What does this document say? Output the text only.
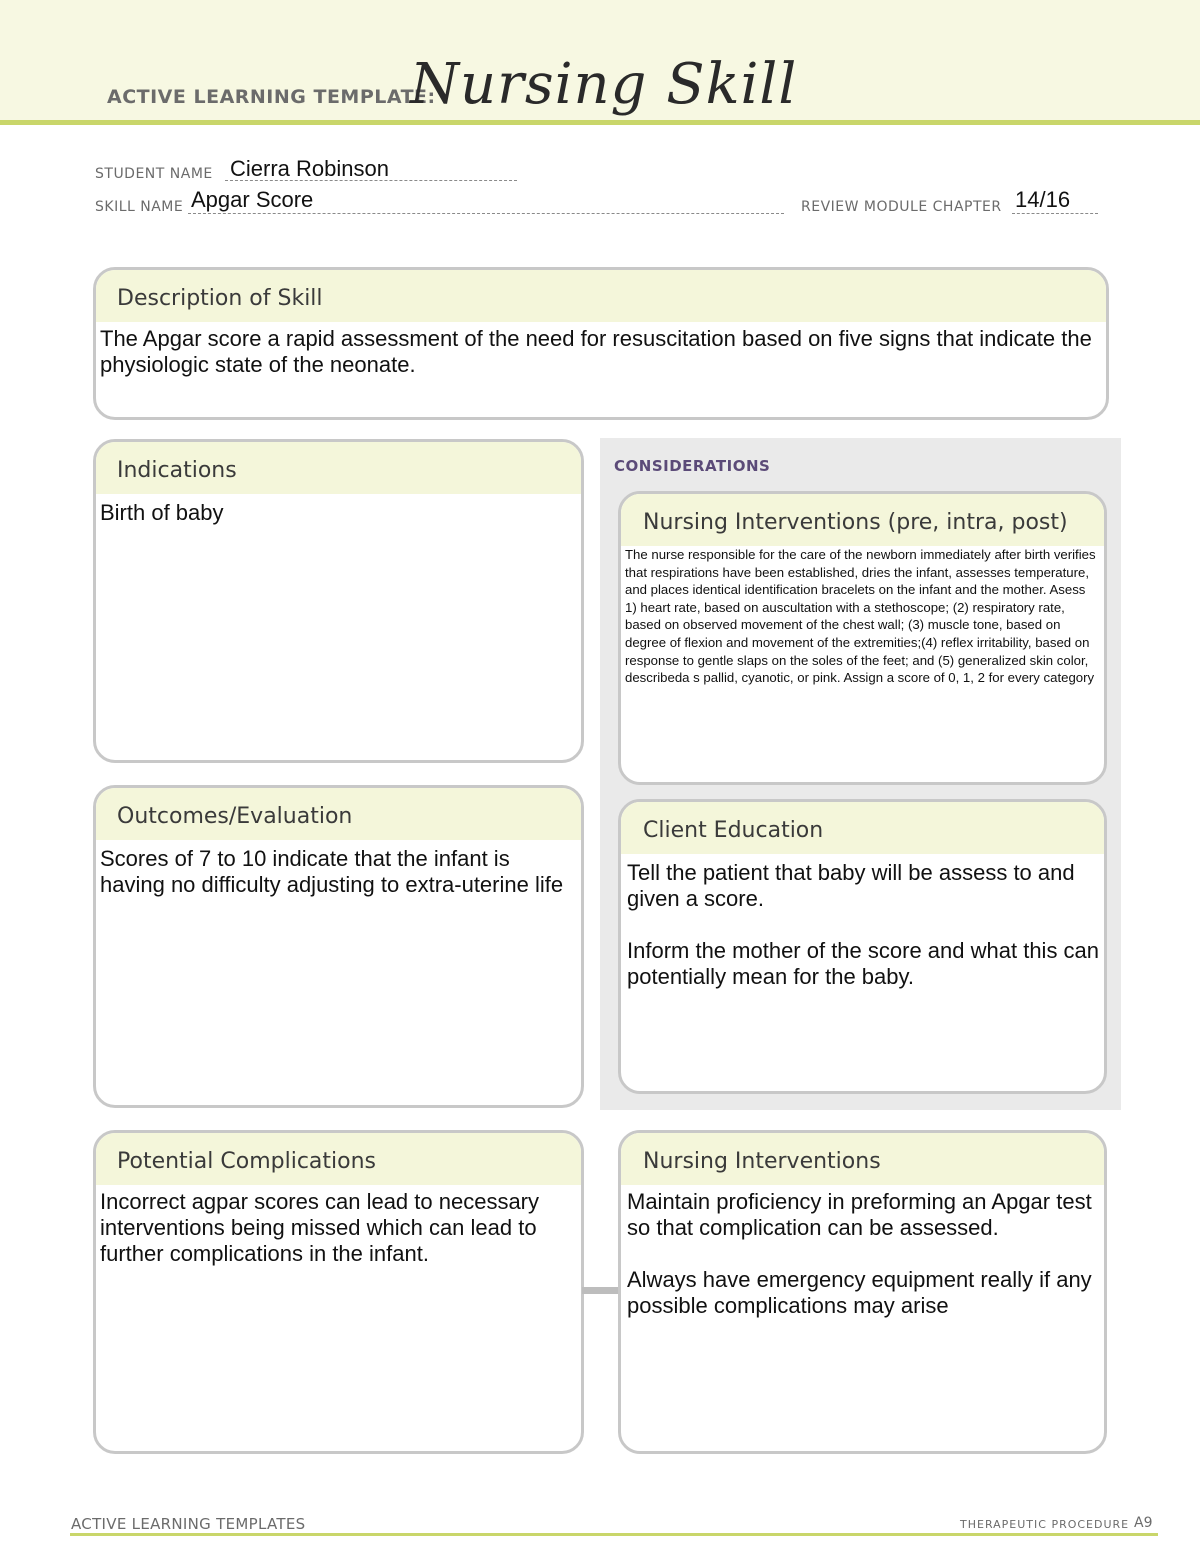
ACTIVE LEARNING TEMPLATE:
Nursing Skill
STUDENT NAME Cierra Robinson
SKILL NAME Apgar Score	REVIEW MODULE CHAPTER 14/16
Description of Skill
The Apgar score a rapid assessment of the need for resuscitation based on five signs that indicate the physiologic state of the neonate.
Indications
Birth of baby
CONSIDERATIONS
Nursing Interventions (pre, intra, post)
The nurse responsible for the care of the newborn immediately after birth verifies that respirations have been established, dries the infant, assesses temperature, and places identical identification bracelets on the infant and the mother. Asess 1) heart rate, based on auscultation with a stethoscope; (2) respiratory rate, based on observed movement of the chest wall; (3) muscle tone, based on degree of flexion and movement of the extremities;(4) reflex irritability, based on response to gentle slaps on the soles of the feet; and (5) generalized skin color, describeda s pallid, cyanotic, or pink. Assign a score of 0, 1, 2 for every category
Outcomes/Evaluation
Scores of 7 to 10 indicate that the infant is having no difficulty adjusting to extra-uterine life
Client Education
Tell the patient that baby will be assess to and given a score.

Inform the mother of the score and what this can potentially mean for the baby.
Potential Complications
Incorrect agpar scores can lead to necessary interventions being missed which can lead to further complications in the infant.
Nursing Interventions
Maintain proficiency in preforming an Apgar test so that complication can be assessed.

Always have emergency equipment really if any possible complications may arise
ACTIVE LEARNING TEMPLATES	THERAPEUTIC PROCEDURE A9
